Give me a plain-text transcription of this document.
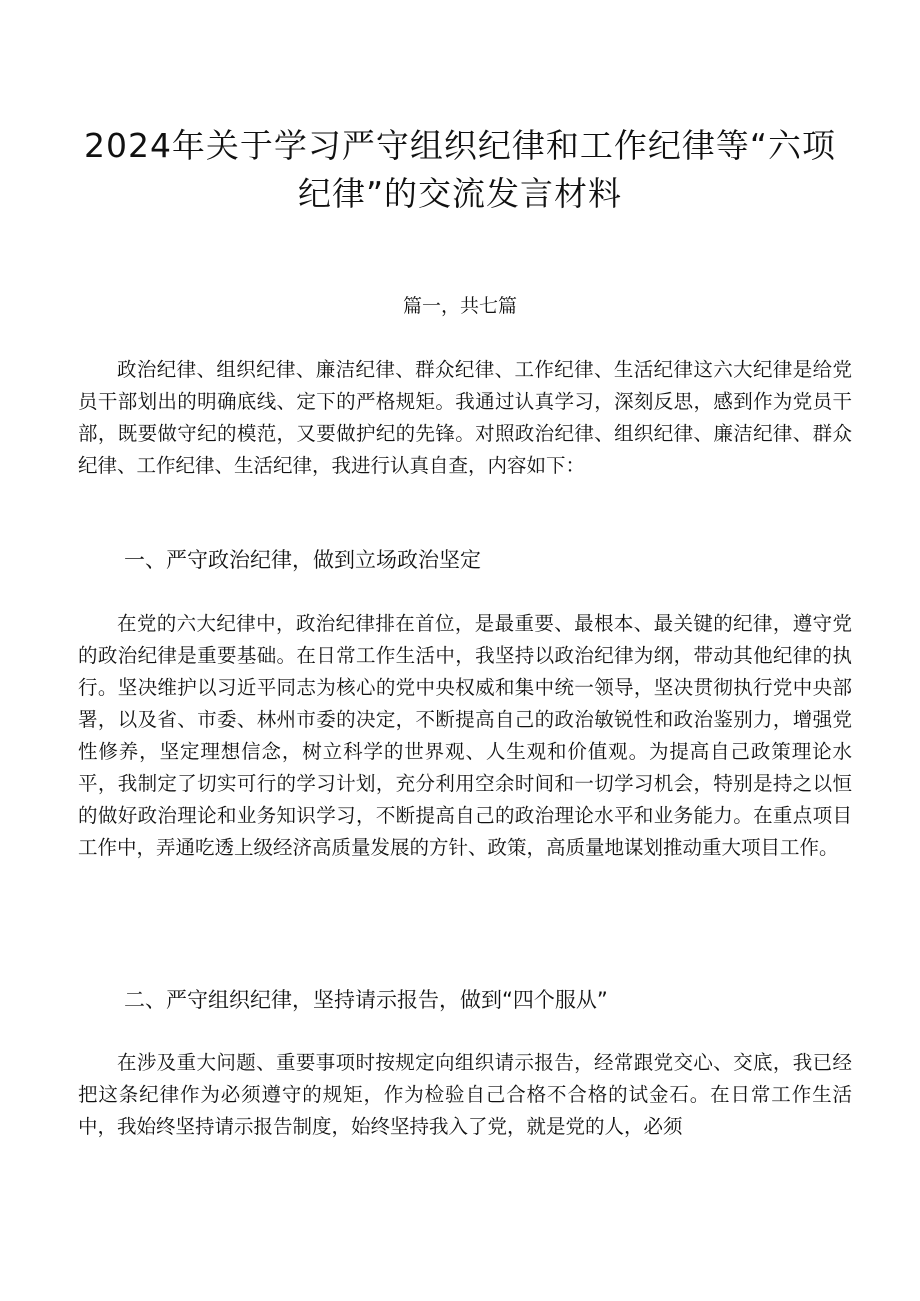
2024年关于学习严守组织纪律和工作纪律等“六项
纪律”的交流发言材料
篇一，共七篇

政治纪律、组织纪律、廉洁纪律、群众纪律、工作纪律、生活纪律这六大纪律是给党员干部划出的明确底线、定下的严格规矩。我通过认真学习，深刻反思，感到作为党员干部，既要做守纪的模范，又要做护纪的先锋。对照政治纪律、组织纪律、廉洁纪律、群众纪律、工作纪律、生活纪律，我进行认真自查，内容如下：

一、严守政治纪律，做到立场政治坚定

在党的六大纪律中，政治纪律排在首位，是最重要、最根本、最关键的纪律，遵守党的政治纪律是重要基础。在日常工作生活中，我坚持以政治纪律为纲，带动其他纪律的执行。坚决维护以习近平同志为核心的党中央权威和集中统一领导，坚决贯彻执行党中央部署，以及省、市委、林州市委的决定，不断提高自己的政治敏锐性和政治鉴别力，增强党性修养，坚定理想信念，树立科学的世界观、人生观和价值观。为提高自己政策理论水平，我制定了切实可行的学习计划，充分利用空余时间和一切学习机会，特别是持之以恒的做好政治理论和业务知识学习，不断提高自己的政治理论水平和业务能力。在重点项目工作中，弄通吃透上级经济高质量发展的方针、政策，高质量地谋划推动重大项目工作。

二、严守组织纪律，坚持请示报告，做到“四个服从”

在涉及重大问题、重要事项时按规定向组织请示报告，经常跟党交心、交底，我已经把这条纪律作为必须遵守的规矩，作为检验自己合格不合格的试金石。在日常工作生活中，我始终坚持请示报告制度，始终坚持我入了党，就是党的人，必须
